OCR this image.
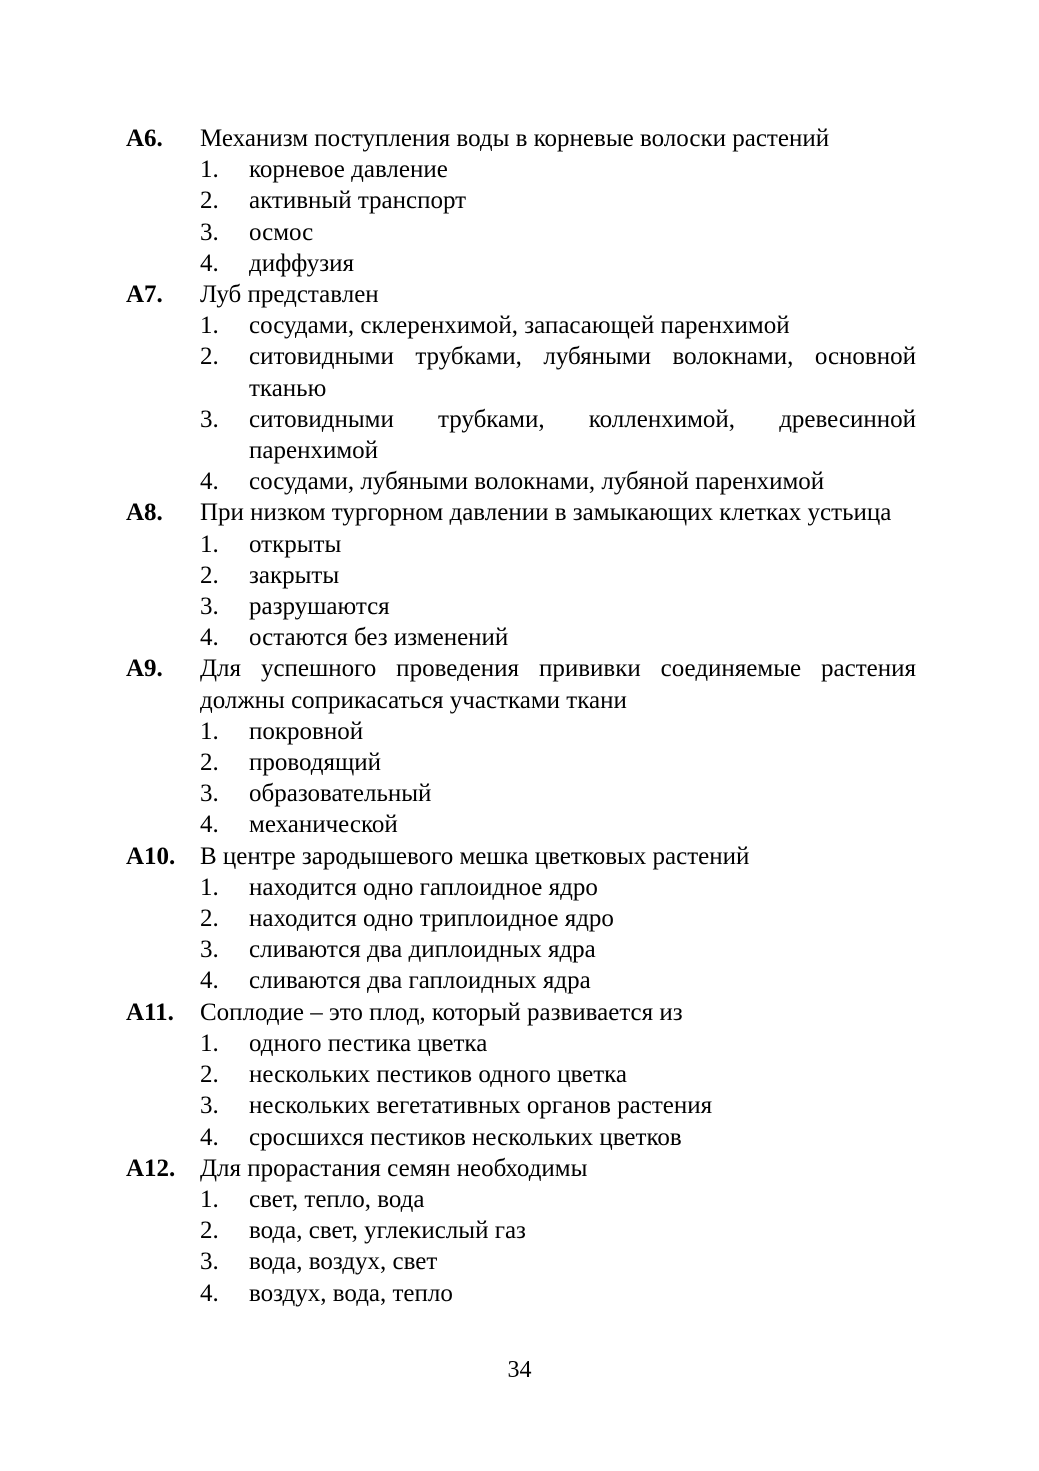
А6. Механизм поступления воды в корневые волоски растений
1. корневое давление
2. активный транспорт
3. осмос
4. диффузия
А7. Луб представлен
1. сосудами, склеренхимой, запасающей паренхимой
2. ситовидными трубками, лубяными волокнами, основной тканью
3. ситовидными трубками, колленхимой, древесинной паренхимой
4. сосудами, лубяными волокнами, лубяной паренхимой
А8. При низком тургорном давлении в замыкающих клетках устьица
1. открыты
2. закрыты
3. разрушаются
4. остаются без изменений
А9. Для успешного проведения прививки соединяемые растения должны соприкасаться участками ткани
1. покровной
2. проводящий
3. образовательный
4. механической
А10. В центре зародышевого мешка цветковых растений
1. находится одно гаплоидное ядро
2. находится одно триплоидное ядро
3. сливаются два диплоидных ядра
4. сливаются два гаплоидных ядра
А11. Соплодие – это плод, который развивается из
1. одного пестика цветка
2. нескольких пестиков одного цветка
3. нескольких вегетативных органов растения
4. сросшихся пестиков нескольких цветков
А12. Для прорастания семян необходимы
1. свет, тепло, вода
2. вода, свет, углекислый газ
3. вода, воздух, свет
4. воздух, вода, тепло
34
